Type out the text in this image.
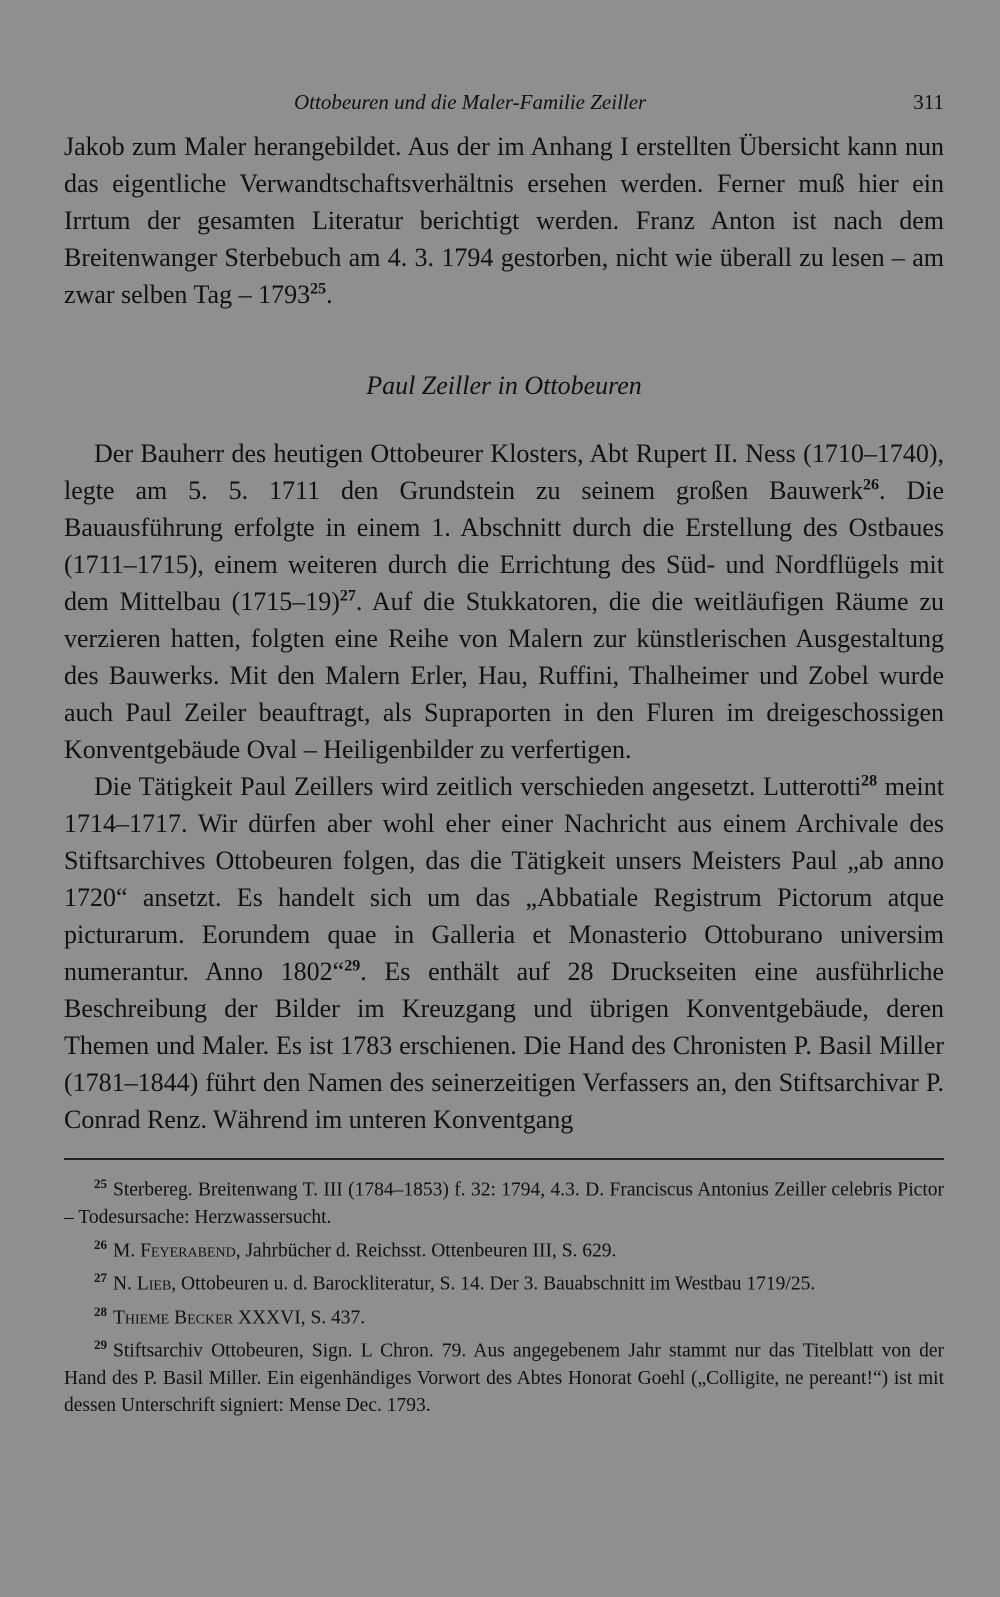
Ottobeuren und die Maler-Familie Zeiller	311

Jakob zum Maler herangebildet. Aus der im Anhang I erstellten Übersicht kann nun das eigentliche Verwandtschaftsverhältnis ersehen werden. Ferner muß hier ein Irrtum der gesamten Literatur berichtigt werden. Franz Anton ist nach dem Breitenwanger Sterbebuch am 4. 3. 1794 gestorben, nicht wie überall zu lesen – am zwar selben Tag – 1793$^{25}$.

Paul Zeiller in Ottobeuren

Der Bauherr des heutigen Ottobeurer Klosters, Abt Rupert II. Ness (1710–1740), legte am 5. 5. 1711 den Grundstein zu seinem großen Bauwerk$^{26}$. Die Bauausführung erfolgte in einem 1. Abschnitt durch die Erstellung des Ostbaues (1711–1715), einem weiteren durch die Errichtung des Süd- und Nordflügels mit dem Mittelbau (1715–19)$^{27}$. Auf die Stukkatoren, die die weitläufigen Räume zu verzieren hatten, folgten eine Reihe von Malern zur künstlerischen Ausgestaltung des Bauwerks. Mit den Malern Erler, Hau, Ruffini, Thalheimer und Zobel wurde auch Paul Zeiler beauftragt, als Supraporten in den Fluren im dreigeschossigen Konventgebäude Oval – Heiligenbilder zu verfertigen.

Die Tätigkeit Paul Zeillers wird zeitlich verschieden angesetzt. Lutterotti$^{28}$ meint 1714–1717. Wir dürfen aber wohl eher einer Nachricht aus einem Archivale des Stiftsarchives Ottobeuren folgen, das die Tätigkeit unsers Meisters Paul „ab anno 1720“ ansetzt. Es handelt sich um das „Abbatiale Registrum Pictorum atque picturarum. Eorundem quae in Galleria et Monasterio Ottoburano universim numerantur. Anno 1802“$^{29}$. Es enthält auf 28 Druckseiten eine ausführliche Beschreibung der Bilder im Kreuzgang und übrigen Konventgebäude, deren Themen und Maler. Es ist 1783 erschienen. Die Hand des Chronisten P. Basil Miller (1781–1844) führt den Namen des seinerzeitigen Verfassers an, den Stiftsarchivar P. Conrad Renz. Während im unteren Konventgang

$^{25}$ Sterbereg. Breitenwang T. III (1784–1853) f. 32: 1794, 4.3. D. Franciscus Antonius Zeiller celebris Pictor – Todesursache: Herzwassersucht.

$^{26}$ M. Feyerabend, Jahrbücher d. Reichsst. Ottenbeuren III, S. 629.

$^{27}$ N. Lieb, Ottobeuren u. d. Barockliteratur, S. 14. Der 3. Bauabschnitt im Westbau 1719/25.

$^{28}$ Thieme Becker XXXVI, S. 437.

$^{29}$ Stiftsarchiv Ottobeuren, Sign. L Chron. 79. Aus angegebenem Jahr stammt nur das Titelblatt von der Hand des P. Basil Miller. Ein eigenhändiges Vorwort des Abtes Honorat Goehl („Colligite, ne pereant!“) ist mit dessen Unterschrift signiert: Mense Dec. 1793.
